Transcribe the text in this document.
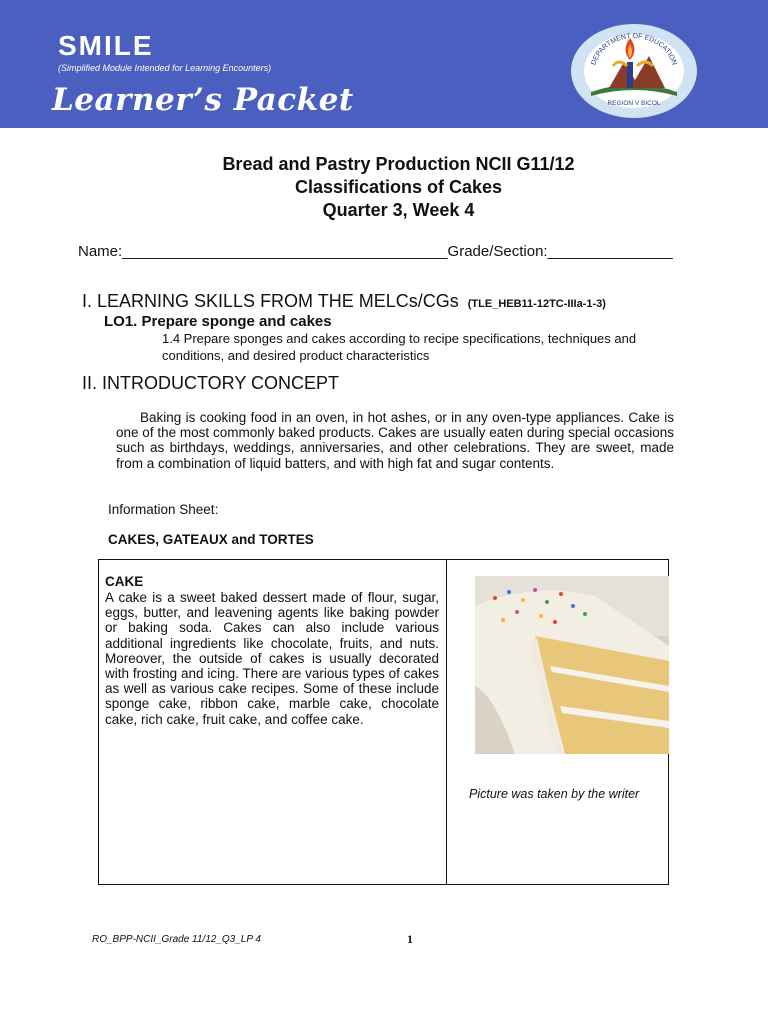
SMILE
(Simplified Module Intended for Learning Encounters)
Learner’s Packet
DEPARTMENT OF EDUCATION
REGION V BICOL
Bread and Pastry Production NCII G11/12
Classifications of Cakes
Quarter 3, Week 4
Name:_______________________________________Grade/Section:_______________
I. LEARNING SKILLS FROM THE MELCs/CGs (TLE_HEB11-12TC-IIIa-1-3)
LO1. Prepare sponge and cakes
1.4 Prepare sponges and cakes according to recipe specifications, techniques and conditions, and desired product characteristics
II. INTRODUCTORY CONCEPT
Baking is cooking food in an oven, in hot ashes, or in any oven-type appliances. Cake is one of the most commonly baked products. Cakes are usually eaten during special occasions such as birthdays, weddings, anniversaries, and other celebrations. They are sweet, made from a combination of liquid batters, and with high fat and sugar contents.
Information Sheet:
CAKES, GATEAUX and TORTES
CAKE
A cake is a sweet baked dessert made of flour, sugar, eggs, butter, and leavening agents like baking powder or baking soda. Cakes can also include various additional ingredients like chocolate, fruits, and nuts. Moreover, the outside of cakes is usually decorated with frosting and icing. There are various types of cakes as well as various cake recipes. Some of these include sponge cake, ribbon cake, marble cake, chocolate cake, rich cake, fruit cake, and coffee cake.
Picture was taken by the writer
RO_BPP-NCII_Grade 11/12_Q3_LP 4	1
